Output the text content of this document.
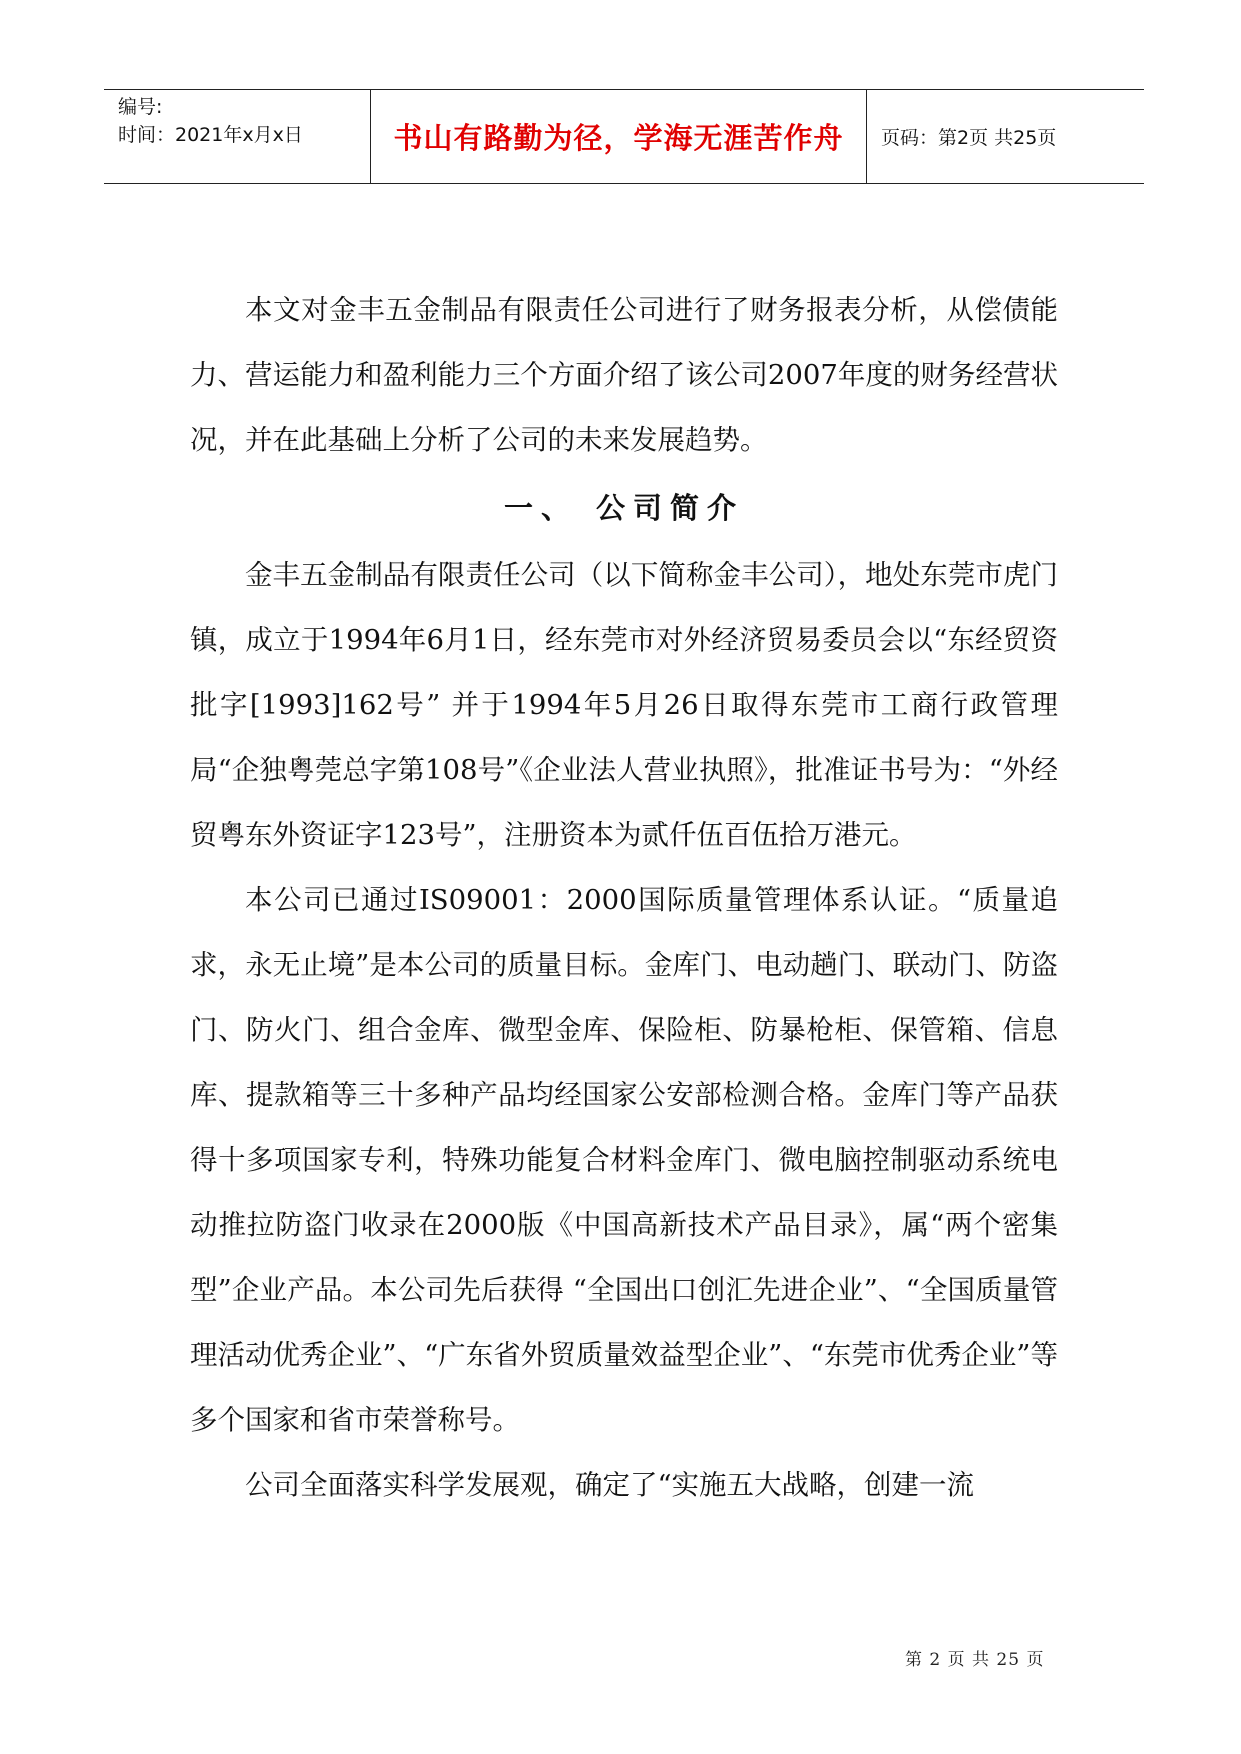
编号:
时间：2021年x月x日	书山有路勤为径，学海无涯苦作舟 页码：第2页 共25页

本文对金丰五金制品有限责任公司进行了财务报表分析，从偿债能力、营运能力和盈利能力三个方面介绍了该公司2007年度的财务经营状况，并在此基础上分析了公司的未来发展趋势。

一、 公司简介

金丰五金制品有限责任公司（以下简称金丰公司），地处东莞市虎门镇，成立于1994年6月1日，经东莞市对外经济贸易委员会以“东经贸资批字[1993]162号” 并于1994年5月26日取得东莞市工商行政管理局“企独粤莞总字第108号”《企业法人营业执照》，批准证书号为：“外经贸粤东外资证字123号”，注册资本为贰仟伍百伍拾万港元。

本公司已通过IS09001：2000国际质量管理体系认证。“质量追求，永无止境”是本公司的质量目标。金库门、电动趟门、联动门、防盗门、防火门、组合金库、微型金库、保险柜、防暴枪柜、保管箱、信息库、提款箱等三十多种产品均经国家公安部检测合格。金库门等产品获得十多项国家专利，特殊功能复合材料金库门、微电脑控制驱动系统电动推拉防盗门收录在2000版《中国高新技术产品目录》，属“两个密集型”企业产品。本公司先后获得 “全国出口创汇先进企业”、“全国质量管理活动优秀企业”、“广东省外贸质量效益型企业”、“东莞市优秀企业”等多个国家和省市荣誉称号。

公司全面落实科学发展观，确定了“实施五大战略，创建一流

第 2 页 共 25 页
